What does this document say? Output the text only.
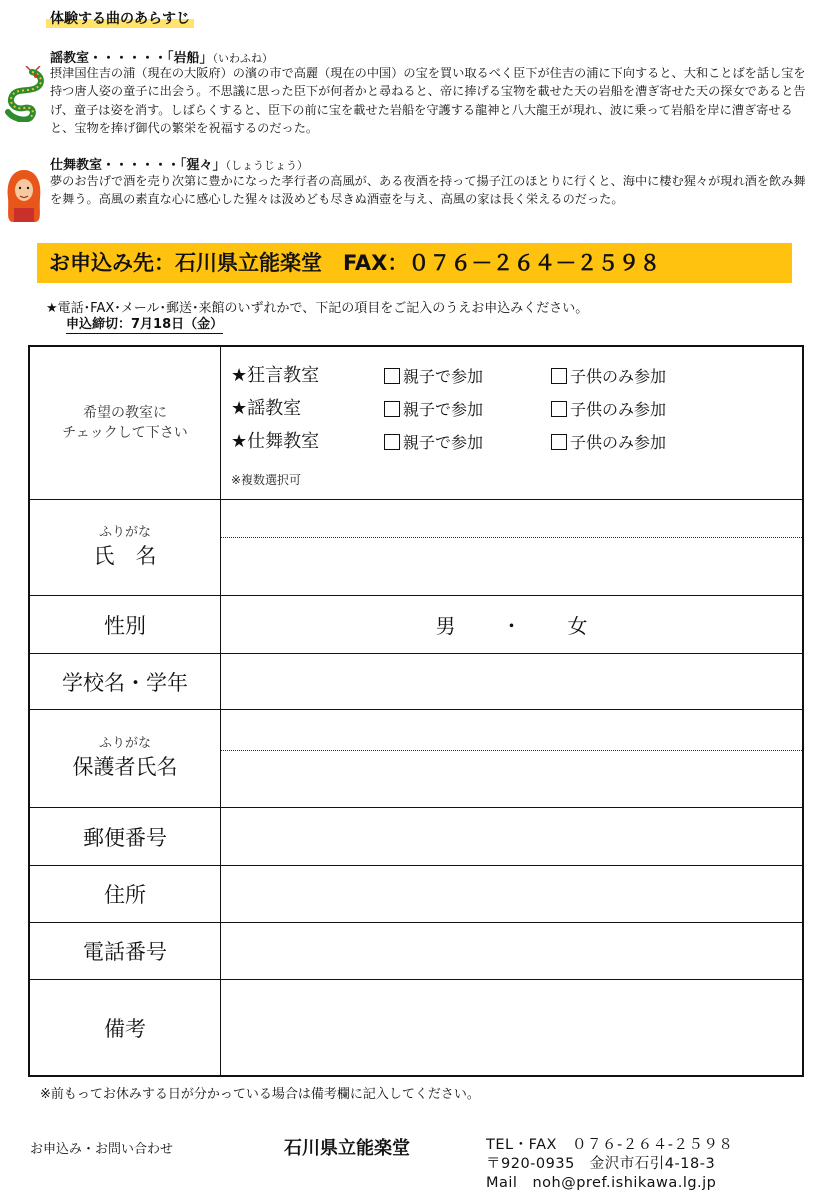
体験する曲のあらすじ
謡教室・・・・・・「岩船」（いわふね）
摂津国住吉の浦（現在の大阪府）の濱の市で高麗（現在の中国）の宝を買い取るべく臣下が住吉の浦に下向すると、大和ことばを話し宝を持つ唐人姿の童子に出会う。不思議に思った臣下が何者かと尋ねると、帝に捧げる宝物を載せた天の岩船を漕ぎ寄せた天の探女であると告げ、童子は姿を消す。しばらくすると、臣下の前に宝を載せた岩船を守護する龍神と八大龍王が現れ、波に乗って岩船を岸に漕ぎ寄せると、宝物を捧げ御代の繁栄を祝福するのだった。
仕舞教室・・・・・・「猩々」（しょうじょう）
夢のお告げで酒を売り次第に豊かになった孝行者の高風が、ある夜酒を持って揚子江のほとりに行くと、海中に棲む猩々が現れ酒を飲み舞を舞う。高風の素直な心に感心した猩々は汲めども尽きぬ酒壺を与え、高風の家は長く栄えるのだった。
お申込み先：石川県立能楽堂　FAX：０７６－２６４－２５９８
★電話･FAX･メール･郵送･来館のいずれかで、下記の項目をご記入のうえお申込みください。
申込締切：7月18日（金）
希望の教室に
チェックして下さい
★狂言教室	親子で参加	子供のみ参加
★謡教室	親子で参加	子供のみ参加
★仕舞教室	親子で参加	子供のみ参加
※複数選択可
ふりがな
氏　名
性別	男 ・ 女
学校名・学年
ふりがな
保護者氏名
郵便番号
住所
電話番号
備考
※前もってお休みする日が分かっている場合は備考欄に記入してください。
お申込み・お問い合わせ	石川県立能楽堂	TEL・FAX　０７６-２６４-２５９８
〒920-0935　金沢市石引4-18-3
Mail　noh@pref.ishikawa.lg.jp
